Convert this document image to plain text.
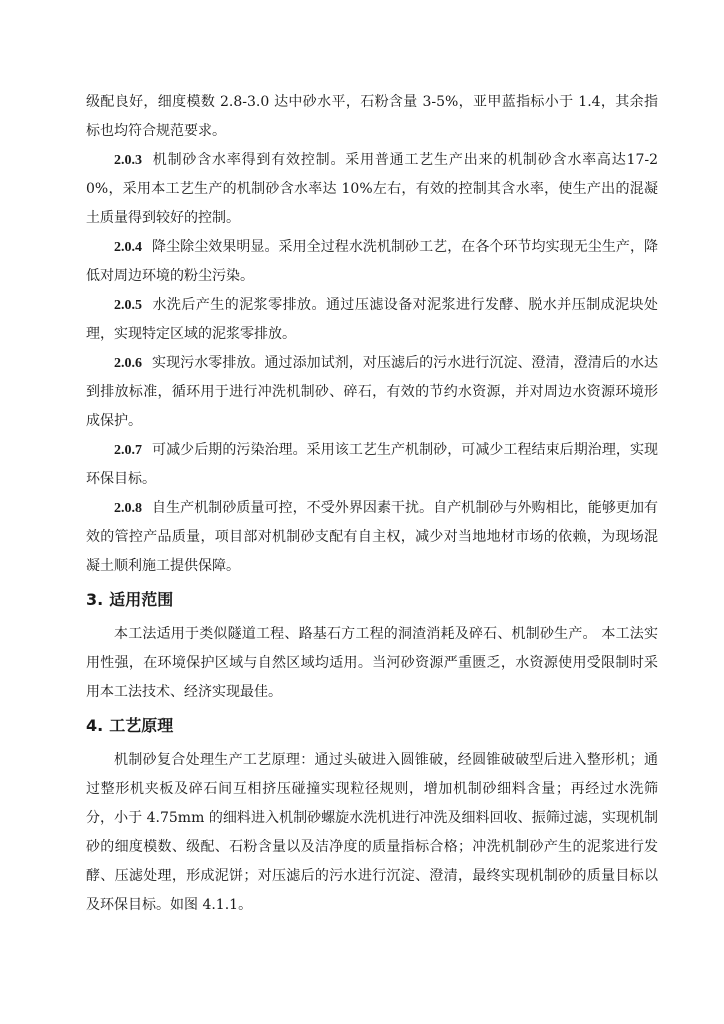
级配良好，细度模数 2.8-3.0 达中砂水平，石粉含量 3-5%，亚甲蓝指标小于 1.4，其余指标也均符合规范要求。

2.0.3 机制砂含水率得到有效控制。采用普通工艺生产出来的机制砂含水率高达17-20%，采用本工艺生产的机制砂含水率达 10%左右，有效的控制其含水率，使生产出的混凝土质量得到较好的控制。

2.0.4 降尘除尘效果明显。采用全过程水洗机制砂工艺，在各个环节均实现无尘生产，降低对周边环境的粉尘污染。

2.0.5 水洗后产生的泥浆零排放。通过压滤设备对泥浆进行发酵、脱水并压制成泥块处理，实现特定区域的泥浆零排放。

2.0.6 实现污水零排放。通过添加试剂，对压滤后的污水进行沉淀、澄清，澄清后的水达到排放标准，循环用于进行冲洗机制砂、碎石，有效的节约水资源，并对周边水资源环境形成保护。

2.0.7 可减少后期的污染治理。采用该工艺生产机制砂，可减少工程结束后期治理，实现环保目标。

2.0.8 自生产机制砂质量可控，不受外界因素干扰。自产机制砂与外购相比，能够更加有效的管控产品质量，项目部对机制砂支配有自主权，减少对当地地材市场的依赖，为现场混凝土顺利施工提供保障。

3. 适用范围

本工法适用于类似隧道工程、路基石方工程的洞渣消耗及碎石、机制砂生产。 本工法实用性强，在环境保护区域与自然区域均适用。当河砂资源严重匮乏，水资源使用受限制时采用本工法技术、经济实现最佳。

4. 工艺原理

机制砂复合处理生产工艺原理：通过头破进入圆锥破，经圆锥破破型后进入整形机；通过整形机夹板及碎石间互相挤压碰撞实现粒径规则，增加机制砂细料含量；再经过水洗筛分，小于 4.75mm 的细料进入机制砂螺旋水洗机进行冲洗及细料回收、振筛过滤，实现机制砂的细度模数、级配、石粉含量以及洁净度的质量指标合格；冲洗机制砂产生的泥浆进行发酵、压滤处理，形成泥饼；对压滤后的污水进行沉淀、澄清，最终实现机制砂的质量目标以及环保目标。如图 4.1.1。
